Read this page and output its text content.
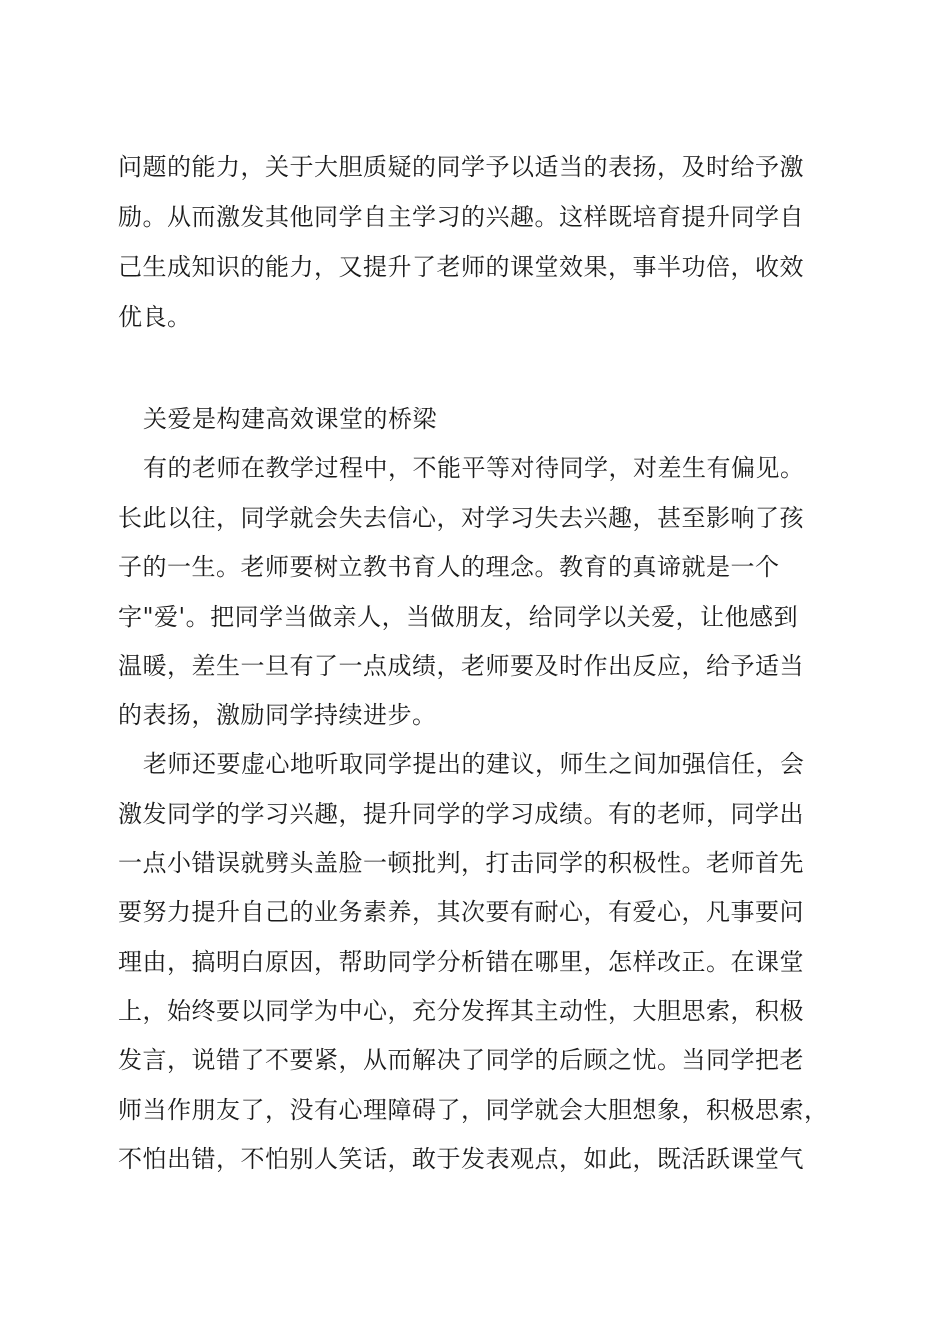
问题的能力，关于大胆质疑的同学予以适当的表扬，及时给予激
励。从而激发其他同学自主学习的兴趣。这样既培育提升同学自
己生成知识的能力，又提升了老师的课堂效果，事半功倍，收效
优良。
关爱是构建高效课堂的桥梁
有的老师在教学过程中，不能平等对待同学，对差生有偏见。
长此以往，同学就会失去信心，对学习失去兴趣，甚至影响了孩
子的一生。老师要树立教书育人的理念。教育的真谛就是一个
字"爱'。把同学当做亲人，当做朋友，给同学以关爱，让他感到
温暖，差生一旦有了一点成绩，老师要及时作出反应，给予适当
的表扬，激励同学持续进步。
老师还要虚心地听取同学提出的建议，师生之间加强信任，会
激发同学的学习兴趣，提升同学的学习成绩。有的老师，同学出
一点小错误就劈头盖脸一顿批判，打击同学的积极性。老师首先
要努力提升自己的业务素养，其次要有耐心，有爱心，凡事要问
理由，搞明白原因，帮助同学分析错在哪里，怎样改正。在课堂
上，始终要以同学为中心，充分发挥其主动性，大胆思索，积极
发言，说错了不要紧，从而解决了同学的后顾之忧。当同学把老
师当作朋友了，没有心理障碍了，同学就会大胆想象，积极思索，
不怕出错，不怕别人笑话，敢于发表观点，如此，既活跃课堂气
